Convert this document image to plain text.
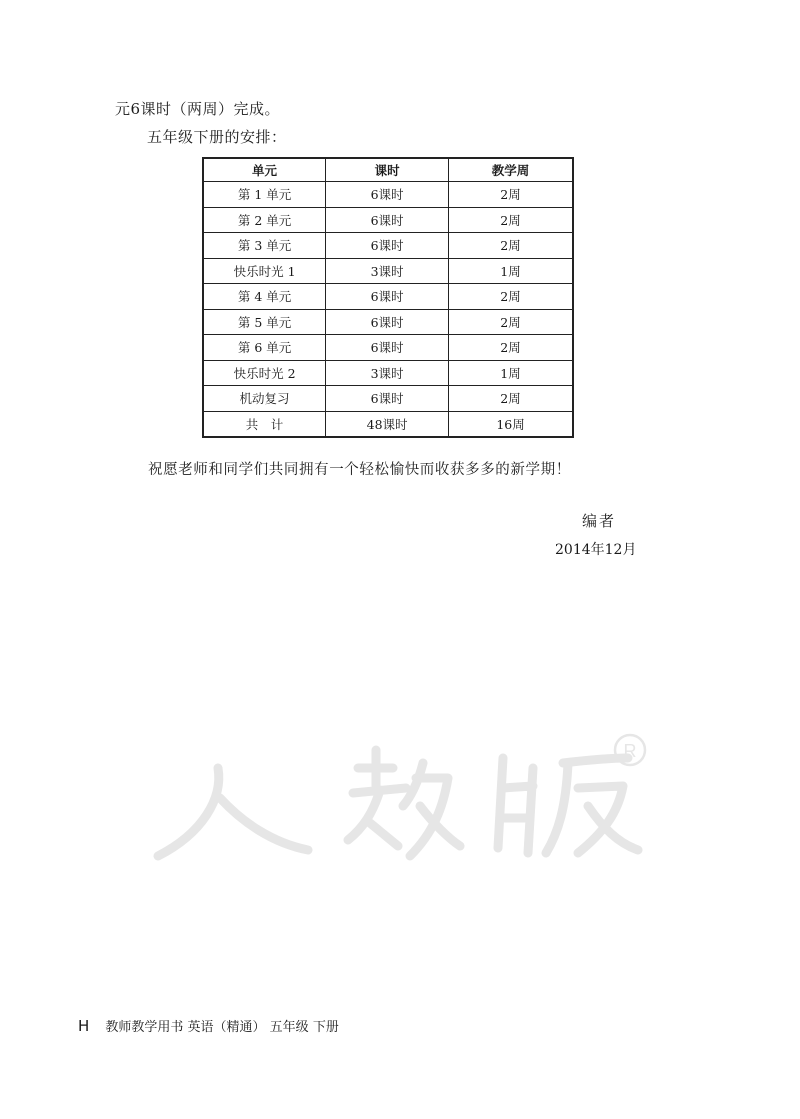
元6课时（两周）完成。
五年级下册的安排：
单元	课时	教学周
第 1 单元	6课时	2周
第 2 单元	6课时	2周
第 3 单元	6课时	2周
快乐时光 1	3课时	1周
第 4 单元	6课时	2周
第 5 单元	6课时	2周
第 6 单元	6课时	2周
快乐时光 2	3课时	1周
机动复习	6课时	2周
共　计	48课时	16周
祝愿老师和同学们共同拥有一个轻松愉快而收获多多的新学期！
编者
2014年12月
R
H 教师教学用书 英语（精通） 五年级 下册
